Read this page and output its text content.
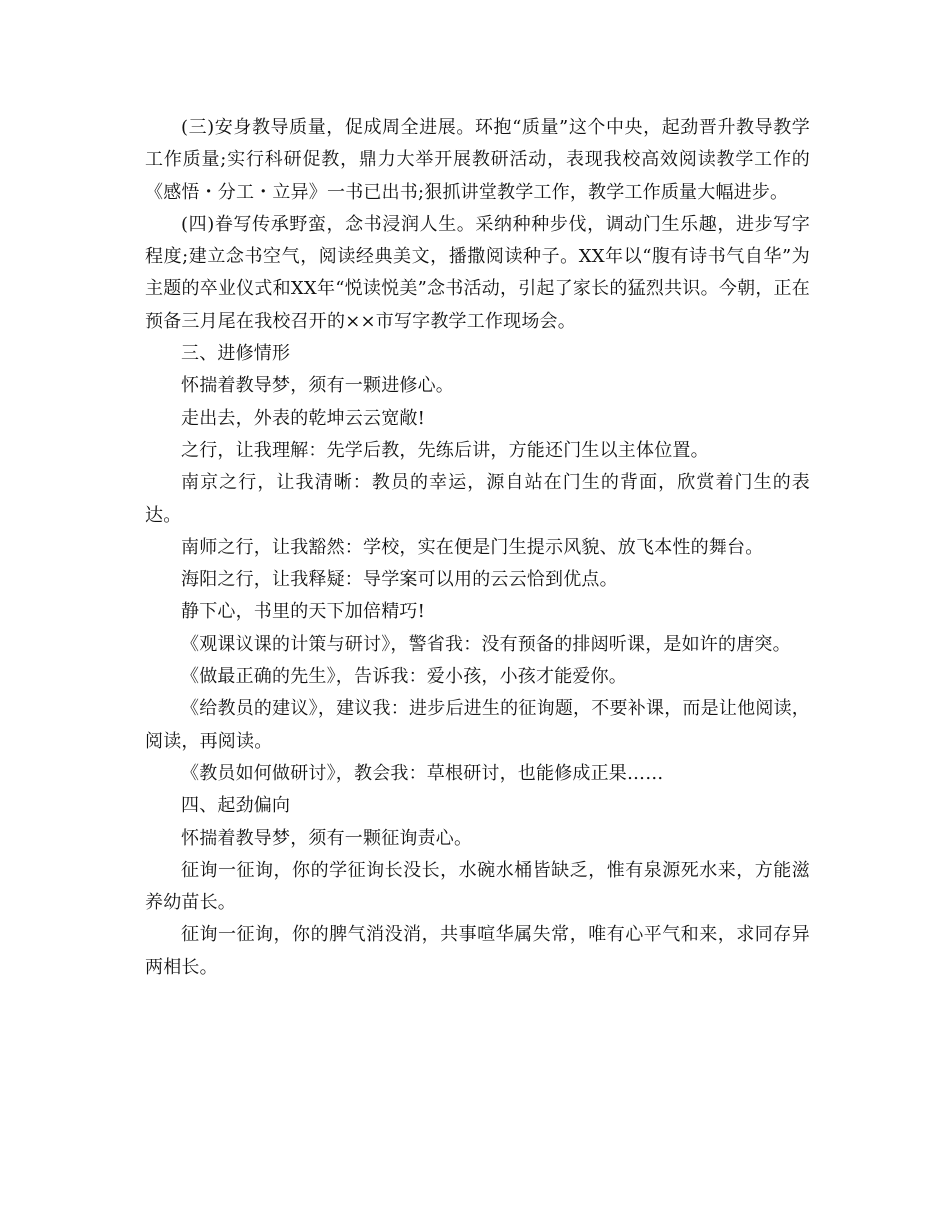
(三)安身教导质量，促成周全进展。环抱“质量”这个中央，起劲晋升教导教学工作质量;实行科研促教，鼎力大举开展教研活动，表现我校高效阅读教学工作的《感悟・分工・立异》一书已出书;狠抓讲堂教学工作，教学工作质量大幅进步。

(四)眷写传承野蛮，念书浸润人生。采纳种种步伐，调动门生乐趣，进步写字程度;建立念书空气，阅读经典美文，播撒阅读种子。XX年以“腹有诗书气自华”为主题的卒业仪式和XX年“悦读悦美”念书活动，引起了家长的猛烈共识。今朝，正在预备三月尾在我校召开的××市写字教学工作现场会。

三、进修情形

怀揣着教导梦，须有一颗进修心。

走出去，外表的乾坤云云宽敞!

之行，让我理解：先学后教，先练后讲，方能还门生以主体位置。

南京之行，让我清晰：教员的幸运，源自站在门生的背面，欣赏着门生的表达。

南师之行，让我豁然：学校，实在便是门生提示风貌、放飞本性的舞台。

海阳之行，让我释疑：导学案可以用的云云恰到优点。

静下心，书里的天下加倍精巧!

《观课议课的计策与研讨》，警省我：没有预备的排闼听课，是如许的唐突。

《做最正确的先生》，告诉我：爱小孩，小孩才能爱你。

《给教员的建议》，建议我：进步后进生的征询题，不要补课，而是让他阅读，阅读，再阅读。

《教员如何做研讨》，教会我：草根研讨，也能修成正果……

四、起劲偏向

怀揣着教导梦，须有一颗征询责心。

征询一征询，你的学征询长没长，水碗水桶皆缺乏，惟有泉源死水来，方能滋养幼苗长。

征询一征询，你的脾气消没消，共事喧华属失常，唯有心平气和来，求同存异两相长。
